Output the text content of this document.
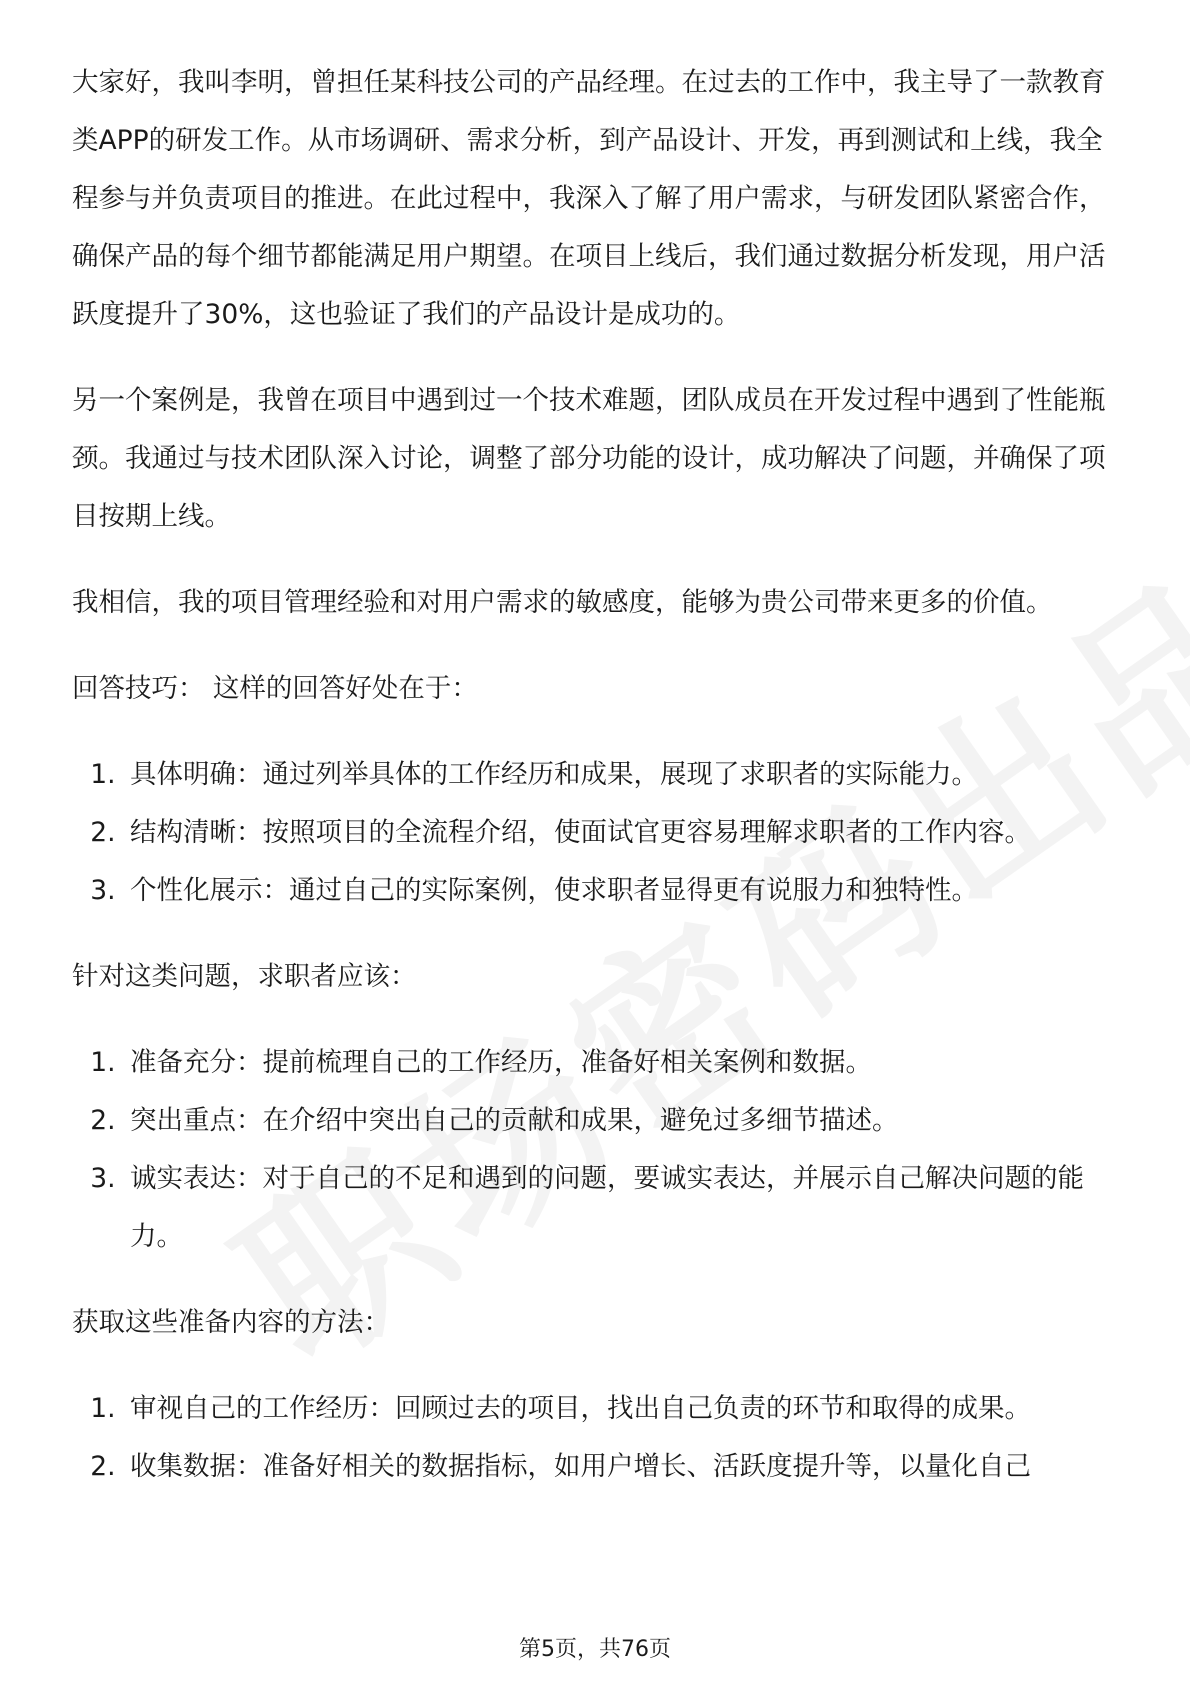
大家好，我叫李明，曾担任某科技公司的产品经理。在过去的工作中，我主导了一款教育类APP的研发工作。从市场调研、需求分析，到产品设计、开发，再到测试和上线，我全程参与并负责项目的推进。在此过程中，我深入了解了用户需求，与研发团队紧密合作，确保产品的每个细节都能满足用户期望。在项目上线后，我们通过数据分析发现，用户活跃度提升了30%，这也验证了我们的产品设计是成功的。

另一个案例是，我曾在项目中遇到过一个技术难题，团队成员在开发过程中遇到了性能瓶颈。我通过与技术团队深入讨论，调整了部分功能的设计，成功解决了问题，并确保了项目按期上线。

我相信，我的项目管理经验和对用户需求的敏感度，能够为贵公司带来更多的价值。

回答技巧： 这样的回答好处在于：

1. 具体明确：通过列举具体的工作经历和成果，展现了求职者的实际能力。
2. 结构清晰：按照项目的全流程介绍，使面试官更容易理解求职者的工作内容。
3. 个性化展示：通过自己的实际案例，使求职者显得更有说服力和独特性。

针对这类问题，求职者应该：

1. 准备充分：提前梳理自己的工作经历，准备好相关案例和数据。
2. 突出重点：在介绍中突出自己的贡献和成果，避免过多细节描述。
3. 诚实表达：对于自己的不足和遇到的问题，要诚实表达，并展示自己解决问题的能力。

获取这些准备内容的方法：

1. 审视自己的工作经历：回顾过去的项目，找出自己负责的环节和取得的成果。
2. 收集数据：准备好相关的数据指标，如用户增长、活跃度提升等，以量化自己
第5页，共76页
